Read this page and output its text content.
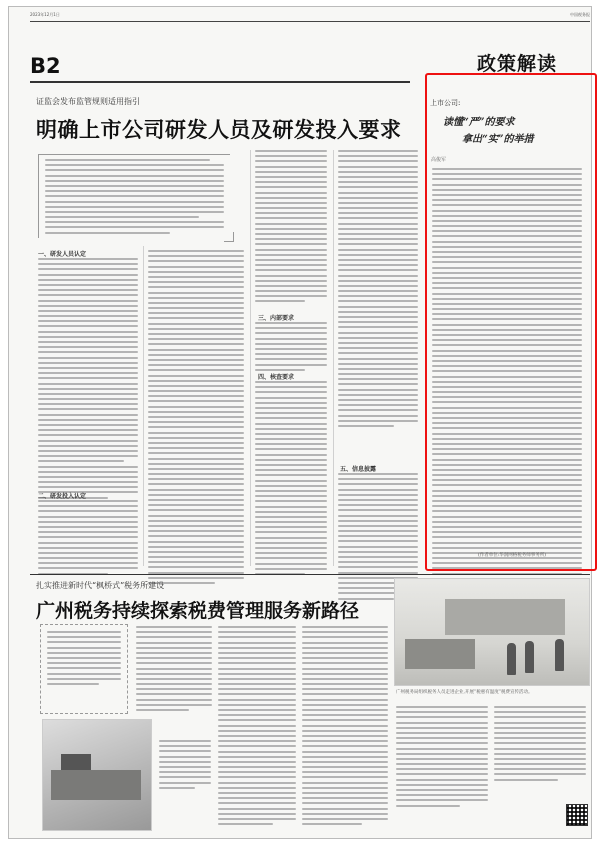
2023年12月1日	中国税务报
B2	政策解读
证监会发布监管规则适用指引
明确上市公司研发人员及研发投入要求
一、研发人员认定
二、研发投入认定
三、内部要求
四、核查要求
五、信息披露
上市公司:
读懂“严”的要求
拿出“实”的举措
高俊军
(作者单位:华润网格税务师事务所)
扎实推进新时代“枫桥式”税务所建设
广州税务持续探索税费管理服务新路径
广州税务局组织税务人员走进企业,开展“税惠有温度”税费宣传活动。
